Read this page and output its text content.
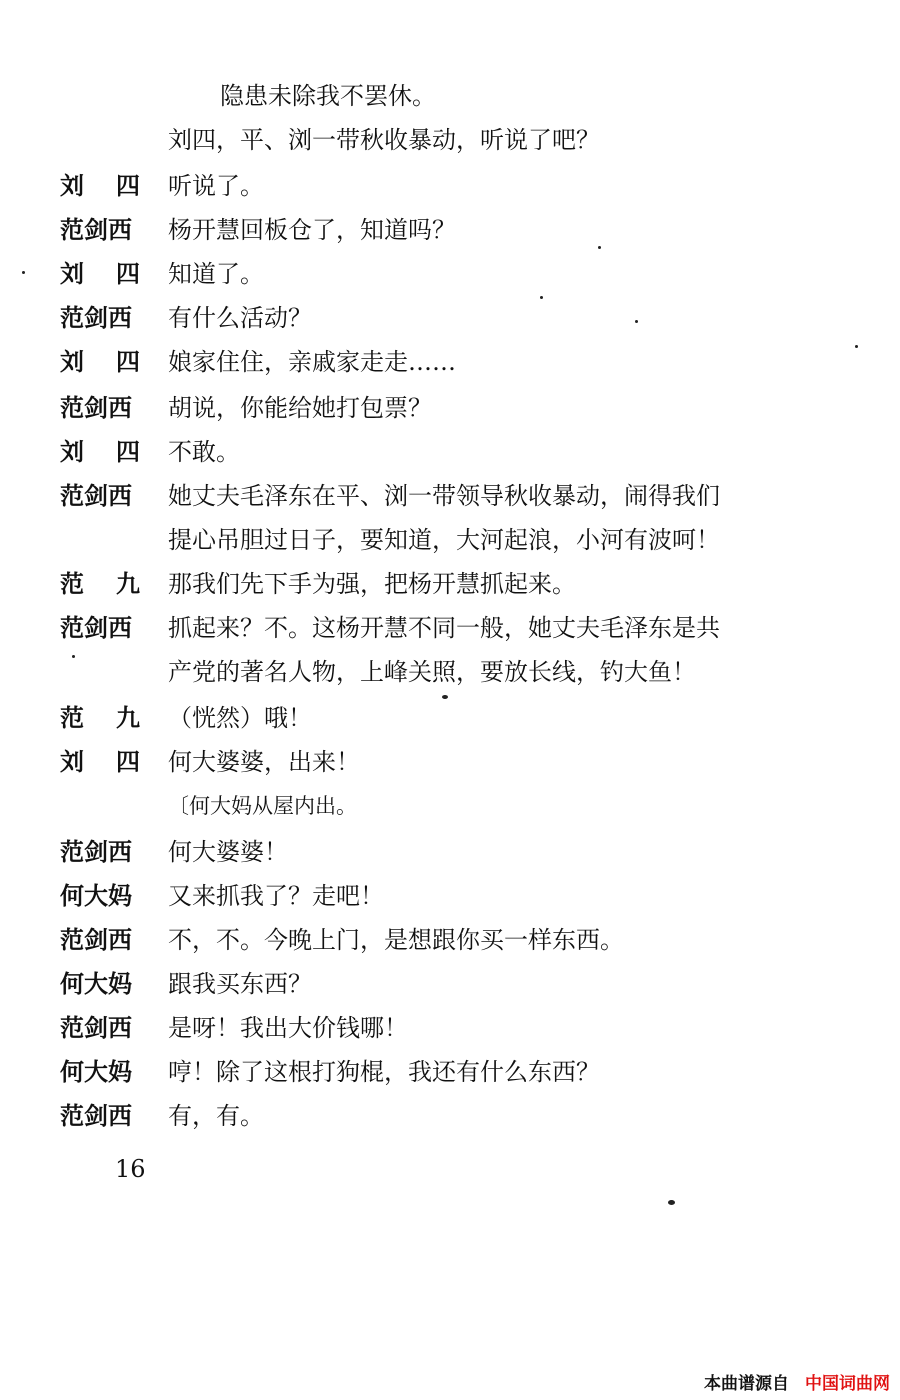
隐患未除我不罢休。
刘四，平、浏一带秋收暴动，听说了吧？
刘 四 听说了。
范剑西	杨开慧回板仓了，知道吗？
刘 四 知道了。
范剑西	有什么活动？
刘 四 娘家住住，亲戚家走走……
范剑西	胡说，你能给她打包票？
刘 四 不敢。
范剑西	她丈夫毛泽东在平、浏一带领导秋收暴动，闹得我们
提心吊胆过日子，要知道，大河起浪，小河有波呵！
范 九 那我们先下手为强，把杨开慧抓起来。
范剑西	抓起来？不。这杨开慧不同一般，她丈夫毛泽东是共
产党的著名人物，上峰关照，要放长线，钓大鱼！
范 九 （恍然）哦！
刘 四 何大婆婆，出来！
〔何大妈从屋内出。
范剑西	何大婆婆！
何大妈	又来抓我了？走吧！
范剑西	不，不。今晚上门，是想跟你买一样东西。
何大妈	跟我买东西？
范剑西	是呀！我出大价钱哪！
何大妈	哼！除了这根打狗棍，我还有什么东西？
范剑西	有，有。
16
本曲谱源自 中国词曲网
